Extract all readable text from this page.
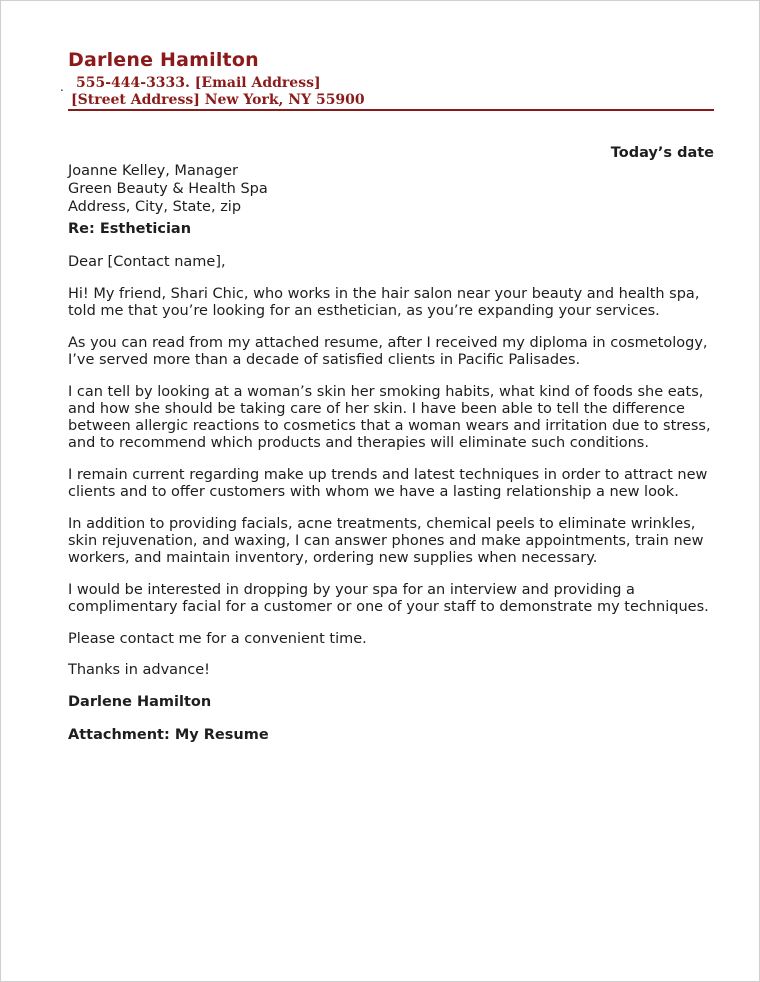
Darlene Hamilton
. 555-444-3333. [Email Address]
[Street Address] New York, NY 55900
Today’s date
Joanne Kelley, Manager
Green Beauty & Health Spa
Address, City, State, zip
Re: Esthetician

Dear [Contact name],

Hi! My friend, Shari Chic, who works in the hair salon near your beauty and health spa, told me that you’re looking for an esthetician, as you’re expanding your services.

As you can read from my attached resume, after I received my diploma in cosmetology, I’ve served more than a decade of satisfied clients in Pacific Palisades.

I can tell by looking at a woman’s skin her smoking habits, what kind of foods she eats, and how she should be taking care of her skin. I have been able to tell the difference between allergic reactions to cosmetics that a woman wears and irritation due to stress, and to recommend which products and therapies will eliminate such conditions.

I remain current regarding make up trends and latest techniques in order to attract new clients and to offer customers with whom we have a lasting relationship a new look.

In addition to providing facials, acne treatments, chemical peels to eliminate wrinkles, skin rejuvenation, and waxing, I can answer phones and make appointments, train new workers, and maintain inventory, ordering new supplies when necessary.

I would be interested in dropping by your spa for an interview and providing a complimentary facial for a customer or one of your staff to demonstrate my techniques.

Please contact me for a convenient time.

Thanks in advance!

Darlene Hamilton

Attachment: My Resume
